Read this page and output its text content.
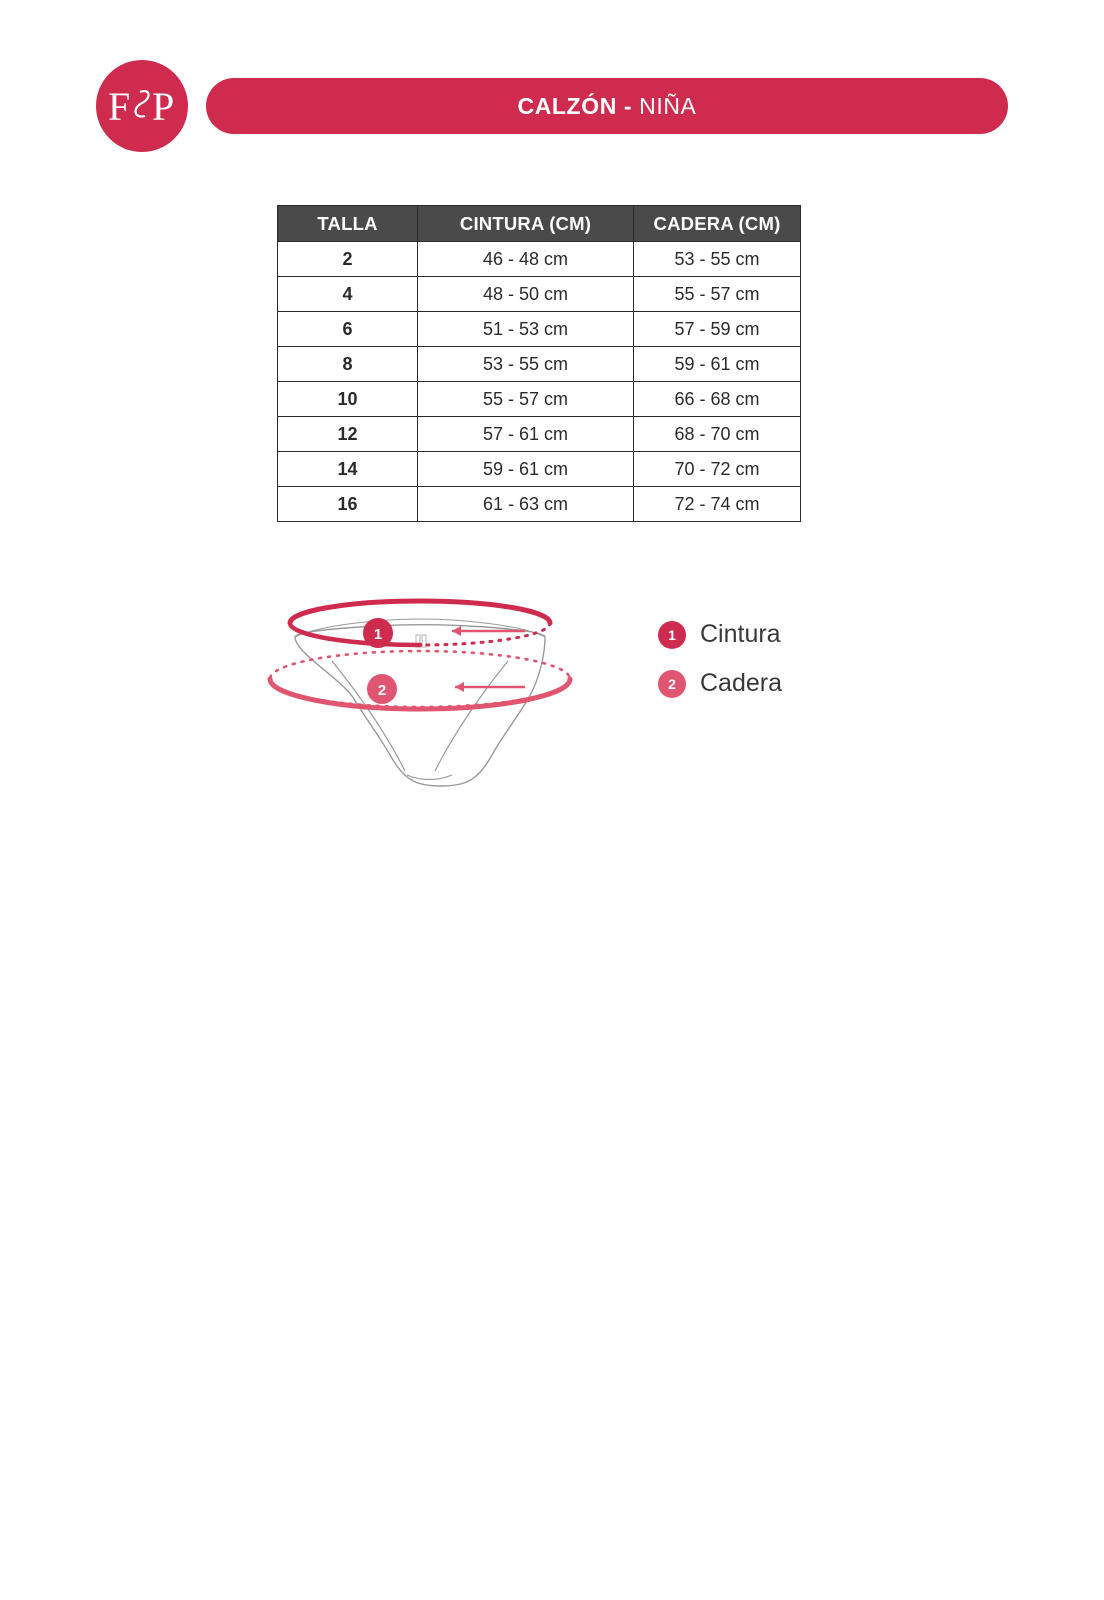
CALZÓN - NIÑA
F P
TALLA	CINTURA (CM)	CADERA (CM)
2	46 - 48 cm	53 - 55 cm
4	48 - 50 cm	55 - 57 cm
6	51 - 53 cm	57 - 59 cm
8	53 - 55 cm	59 - 61 cm
10	55 - 57 cm	66 - 68 cm
12	57 - 61 cm	68 - 70 cm
14	59 - 61 cm	70 - 72 cm
16	61 - 63 cm	72 - 74 cm
1
2
1 Cintura
2 Cadera
